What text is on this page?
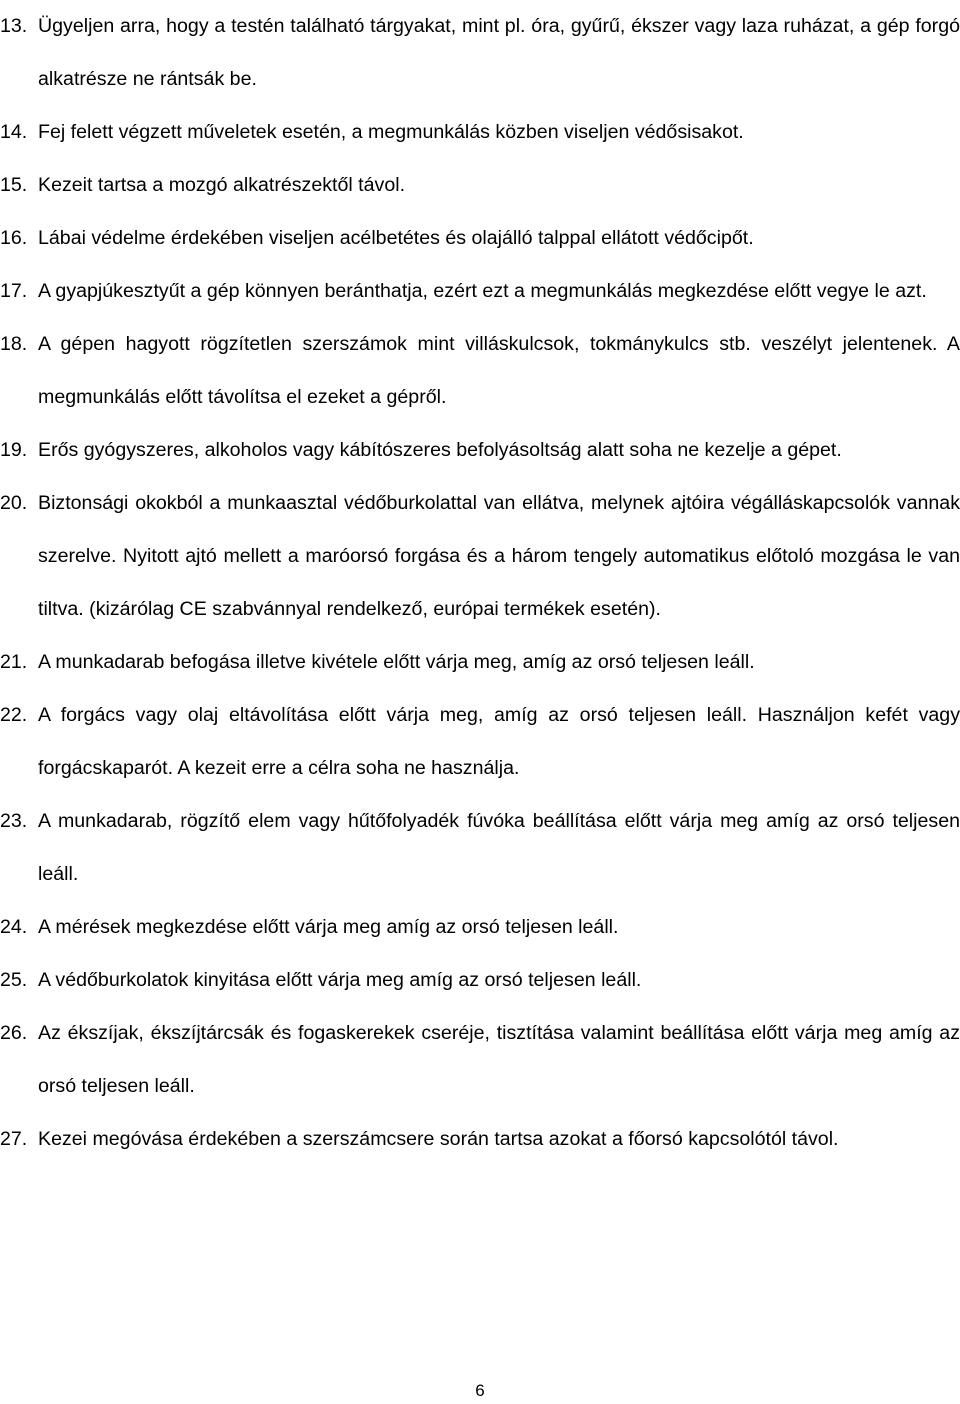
13. Ügyeljen arra, hogy a testén található tárgyakat, mint pl. óra, gyűrű, ékszer vagy laza ruházat, a gép forgó alkatrésze ne rántsák be.
14. Fej felett végzett műveletek esetén, a megmunkálás közben viseljen védősisakot.
15. Kezeit tartsa a mozgó alkatrészektől távol.
16. Lábai védelme érdekében viseljen acélbetétes és olajálló talppal ellátott védőcipőt.
17. A gyapjúkesztyűt a gép könnyen beránthatja, ezért ezt a megmunkálás megkezdése előtt vegye le azt.
18. A gépen hagyott rögzítetlen szerszámok mint villáskulcsok, tokmánykulcs stb. veszélyt jelentenek. A megmunkálás előtt távolítsa el ezeket a gépről.
19. Erős gyógyszeres, alkoholos vagy kábítószeres befolyásoltság alatt soha ne kezelje a gépet.
20. Biztonsági okokból a munkaasztal védőburkolattal van ellátva, melynek ajtóira végálláskapcsolók vannak szerelve. Nyitott ajtó mellett a maróorsó forgása és a három tengely automatikus előtoló mozgása le van tiltva. (kizárólag CE szabvánnyal rendelkező, európai termékek esetén).
21. A munkadarab befogása illetve kivétele előtt várja meg, amíg az orsó teljesen leáll.
22. A forgács vagy olaj eltávolítása előtt várja meg, amíg az orsó teljesen leáll. Használjon kefét vagy forgácskaparót. A kezeit erre a célra soha ne használja.
23. A munkadarab, rögzítő elem vagy hűtőfolyadék fúvóka beállítása előtt várja meg amíg az orsó teljesen leáll.
24. A mérések megkezdése előtt várja meg amíg az orsó teljesen leáll.
25. A védőburkolatok kinyitása előtt várja meg amíg az orsó teljesen leáll.
26. Az ékszíjak, ékszíjtárcsák és fogaskerekek cseréje, tisztítása valamint beállítása előtt várja meg amíg az orsó teljesen leáll.
27. Kezei megóvása érdekében a szerszámcsere során tartsa azokat a főorsó kapcsolótól távol.
6
